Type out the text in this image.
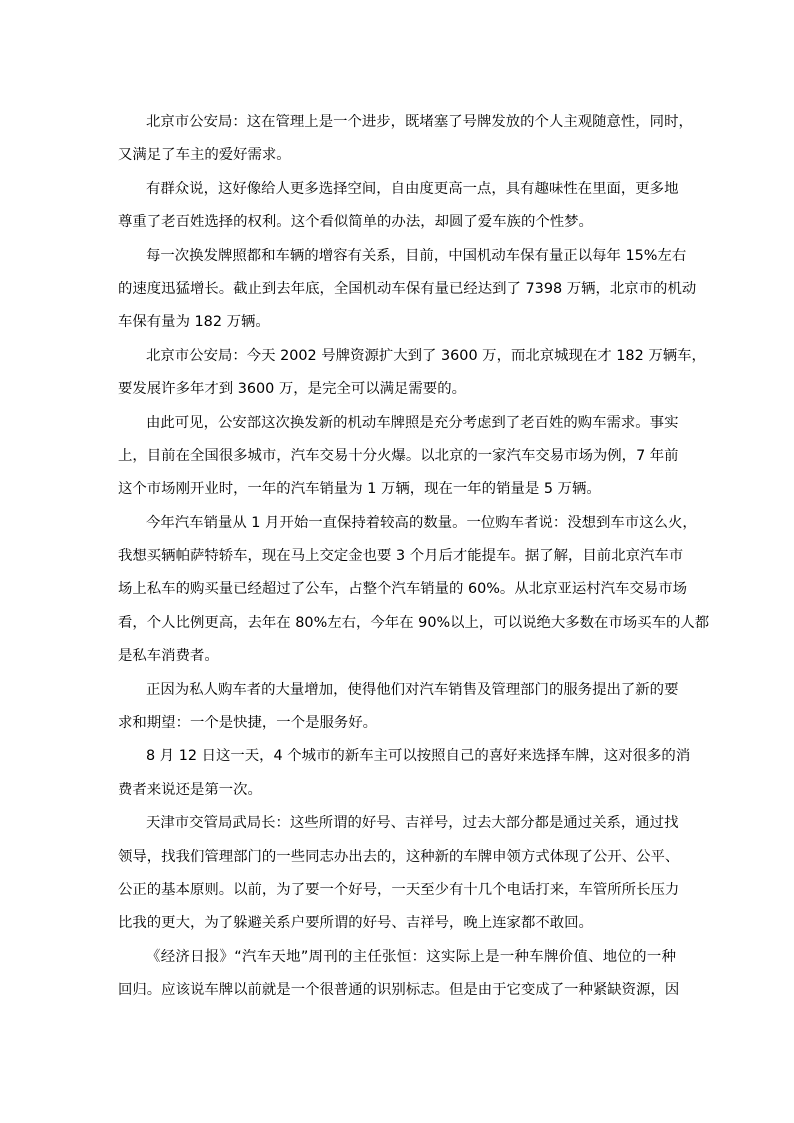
北京市公安局：这在管理上是一个进步，既堵塞了号牌发放的个人主观随意性，同时，
又满足了车主的爱好需求。
有群众说，这好像给人更多选择空间，自由度更高一点，具有趣味性在里面，更多地
尊重了老百姓选择的权利。这个看似简单的办法，却圆了爱车族的个性梦。
每一次换发牌照都和车辆的增容有关系，目前，中国机动车保有量正以每年 15%左右
的速度迅猛增长。截止到去年底，全国机动车保有量已经达到了 7398 万辆，北京市的机动
车保有量为 182 万辆。
北京市公安局：今天 2002 号牌资源扩大到了 3600 万，而北京城现在才 182 万辆车，
要发展许多年才到 3600 万，是完全可以满足需要的。
由此可见，公安部这次换发新的机动车牌照是充分考虑到了老百姓的购车需求。事实
上，目前在全国很多城市，汽车交易十分火爆。以北京的一家汽车交易市场为例，7 年前
这个市场刚开业时，一年的汽车销量为 1 万辆，现在一年的销量是 5 万辆。
今年汽车销量从 1 月开始一直保持着较高的数量。一位购车者说：没想到车市这么火，
我想买辆帕萨特轿车，现在马上交定金也要 3 个月后才能提车。据了解，目前北京汽车市
场上私车的购买量已经超过了公车，占整个汽车销量的 60%。从北京亚运村汽车交易市场
看，个人比例更高，去年在 80%左右，今年在 90%以上，可以说绝大多数在市场买车的人都
是私车消费者。
正因为私人购车者的大量增加，使得他们对汽车销售及管理部门的服务提出了新的要
求和期望：一个是快捷，一个是服务好。
8 月 12 日这一天，4 个城市的新车主可以按照自己的喜好来选择车牌，这对很多的消
费者来说还是第一次。
天津市交管局武局长：这些所谓的好号、吉祥号，过去大部分都是通过关系，通过找
领导，找我们管理部门的一些同志办出去的，这种新的车牌申领方式体现了公开、公平、
公正的基本原则。以前，为了要一个好号，一天至少有十几个电话打来，车管所所长压力
比我的更大，为了躲避关系户要所谓的好号、吉祥号，晚上连家都不敢回。
《经济日报》“汽车天地”周刊的主任张恒：这实际上是一种车牌价值、地位的一种
回归。应该说车牌以前就是一个很普通的识别标志。但是由于它变成了一种紧缺资源，因
